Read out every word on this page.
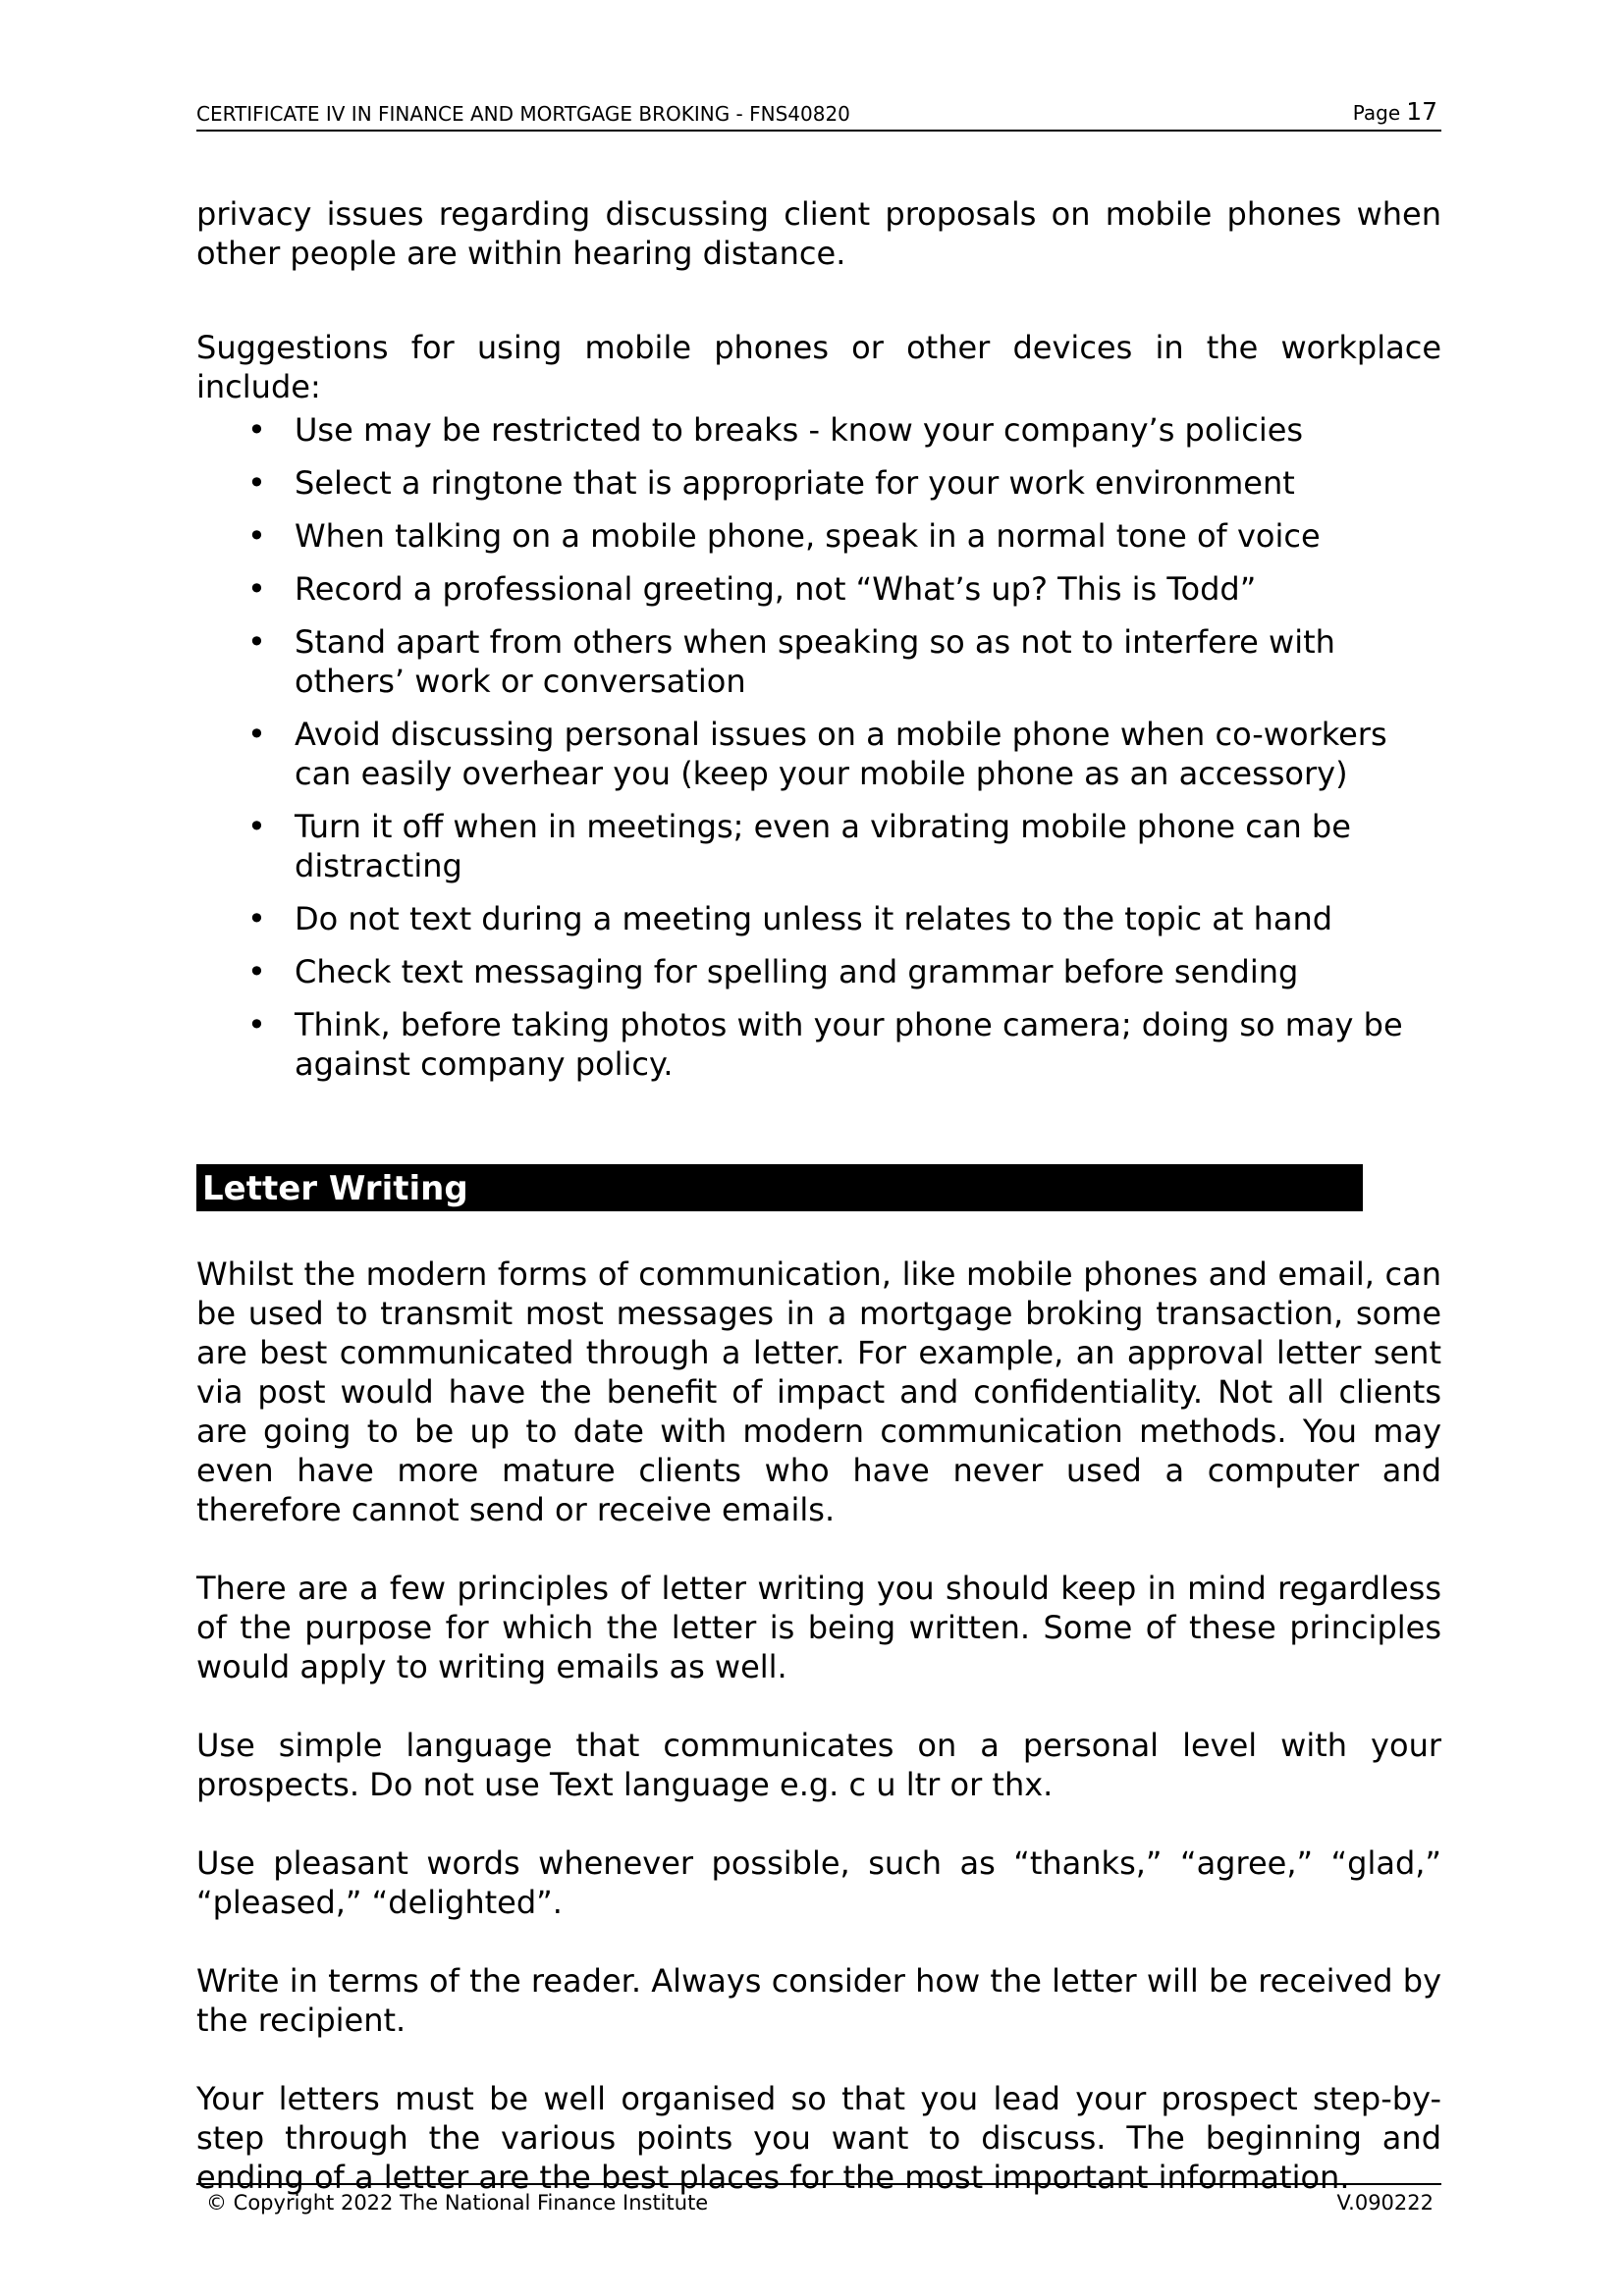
CERTIFICATE IV IN FINANCE AND MORTGAGE BROKING - FNS40820	Page 17

privacy issues regarding discussing client proposals on mobile phones when other people are within hearing distance.

Suggestions for using mobile phones or other devices in the workplace include:

• Use may be restricted to breaks - know your company’s policies
• Select a ringtone that is appropriate for your work environment
• When talking on a mobile phone, speak in a normal tone of voice
• Record a professional greeting, not “What’s up? This is Todd”
• Stand apart from others when speaking so as not to interfere with others’ work or conversation
• Avoid discussing personal issues on a mobile phone when co-workers can easily overhear you (keep your mobile phone as an accessory)
• Turn it off when in meetings; even a vibrating mobile phone can be distracting
• Do not text during a meeting unless it relates to the topic at hand
• Check text messaging for spelling and grammar before sending
• Think, before taking photos with your phone camera; doing so may be against company policy.
Letter Writing

Whilst the modern forms of communication, like mobile phones and email, can be used to transmit most messages in a mortgage broking transaction, some are best communicated through a letter. For example, an approval letter sent via post would have the benefit of impact and confidentiality. Not all clients are going to be up to date with modern communication methods. You may even have more mature clients who have never used a computer and therefore cannot send or receive emails.

There are a few principles of letter writing you should keep in mind regardless of the purpose for which the letter is being written. Some of these principles would apply to writing emails as well.

Use simple language that communicates on a personal level with your prospects. Do not use Text language e.g. c u ltr or thx.

Use pleasant words whenever possible, such as “thanks,” “agree,” “glad,” “pleased,” “delighted”.

Write in terms of the reader. Always consider how the letter will be received by the recipient.

Your letters must be well organised so that you lead your prospect step-by-step through the various points you want to discuss. The beginning and ending of a letter are the best places for the most important information.

© Copyright 2022 The National Finance Institute	V.090222
